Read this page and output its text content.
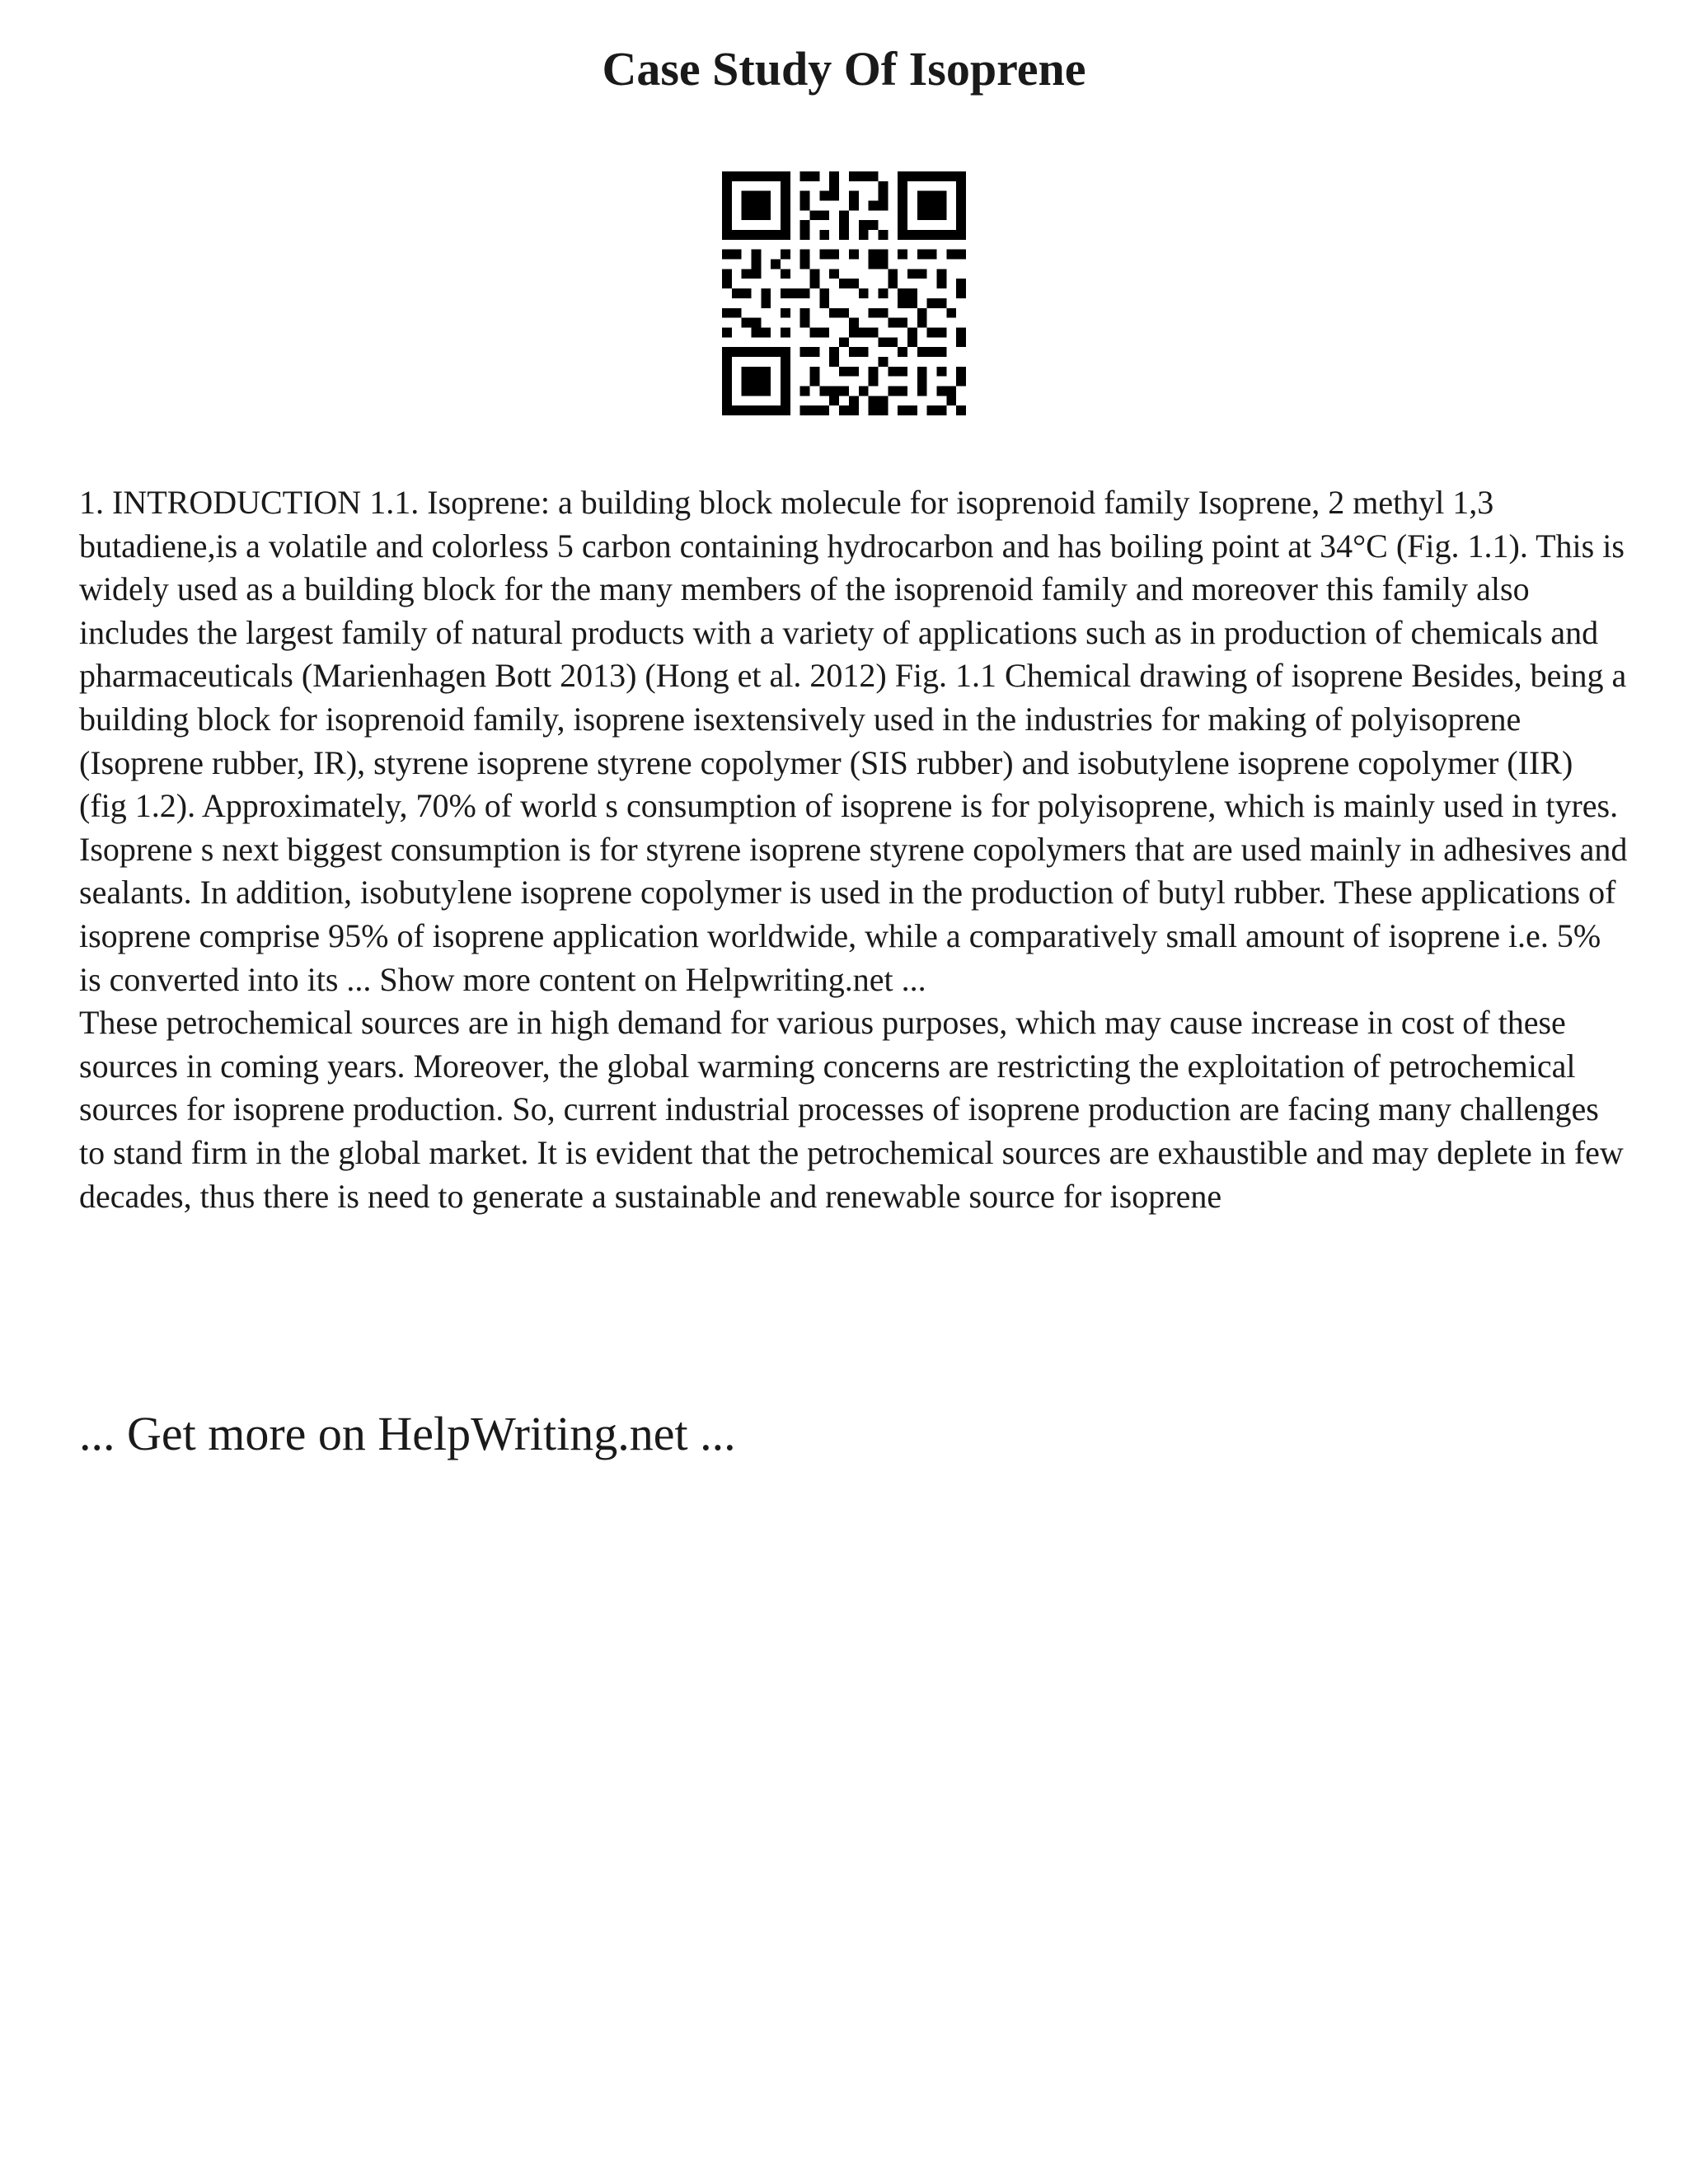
Case Study Of Isoprene

1. INTRODUCTION 1.1. Isoprene: a building block molecule for isoprenoid family Isoprene, 2 methyl 1,3 butadiene,is a volatile and colorless 5 carbon containing hydrocarbon and has boiling point at 34°C (Fig. 1.1). This is widely used as a building block for the many members of the isoprenoid family and moreover this family also includes the largest family of natural products with a variety of applications such as in production of chemicals and pharmaceuticals (Marienhagen Bott 2013) (Hong et al. 2012) Fig. 1.1 Chemical drawing of isoprene Besides, being a building block for isoprenoid family, isoprene isextensively used in the industries for making of polyisoprene (Isoprene rubber, IR), styrene isoprene styrene copolymer (SIS rubber) and isobutylene isoprene copolymer (IIR) (fig 1.2). Approximately, 70% of world s consumption of isoprene is for polyisoprene, which is mainly used in tyres. Isoprene s next biggest consumption is for styrene isoprene styrene copolymers that are used mainly in adhesives and sealants. In addition, isobutylene isoprene copolymer is used in the production of butyl rubber. These applications of isoprene comprise 95% of isoprene application worldwide, while a comparatively small amount of isoprene i.e. 5% is converted into its ... Show more content on Helpwriting.net ...

These petrochemical sources are in high demand for various purposes, which may cause increase in cost of these sources in coming years. Moreover, the global warming concerns are restricting the exploitation of petrochemical sources for isoprene production. So, current industrial processes of isoprene production are facing many challenges to stand firm in the global market. It is evident that the petrochemical sources are exhaustible and may deplete in few decades, thus there is need to generate a sustainable and renewable source for isoprene

... Get more on HelpWriting.net ...
